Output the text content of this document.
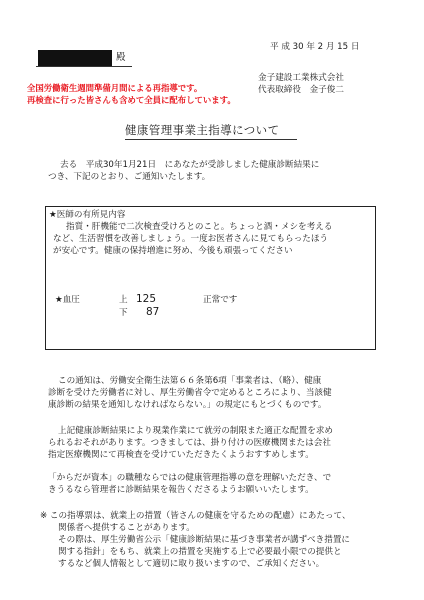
平 成 30 年 2 月 15 日
殿
金子建設工業株式会社
代表取締役　金子俊二
全国労働衛生週間準備月間による再指導です。
再検査に行った皆さんも含めて全員に配布しています。
健康管理事業主指導について
去る　平成30年1月21日　にあなたが受診しました健康診断結果に
つき、下記のとおり、ご通知いたします。
★医師の有所見内容
指質・肝機能で二次検査受けろとのこと。ちょっと酒・メシを考える
など、生活習慣を改善しましょう。一度お医者さんに見てもらったほう
が安心です。健康の保持増進に努め、今後も頑張ってください
★血圧	上 125	正常です
下 87
この通知は、労働安全衛生法第６６条第6項「事業者は、（略）、健康
診断を受けた労働者に対し、厚生労働省令で定めるところにより、当該健
康診断の結果を通知しなければならない。」の規定にもとづくものです。
上記健康診断結果により現業作業にて就労の制限また適正な配置を求め
られるおそれがあります。つきましては、掛り付けの医療機関または会社
指定医療機関にて再検査を受けていただきたくようおすすめします。
「からだが資本」の職種ならではの健康管理指導の意を理解いただき、で
きうるなら管理者に診断結果を報告くださるようお願いいたします。
※ この指導票は、就業上の措置（皆さんの健康を守るための配慮）にあたって、
関係者へ提供することがあります。
その際は、厚生労働省公示「健康診断結果に基づき事業者が講ずべき措置に
関する指針」をもち、就業上の措置を実施する上で必要最小限での提供と
するなど個人情報として適切に取り扱いますので、ご承知ください。
